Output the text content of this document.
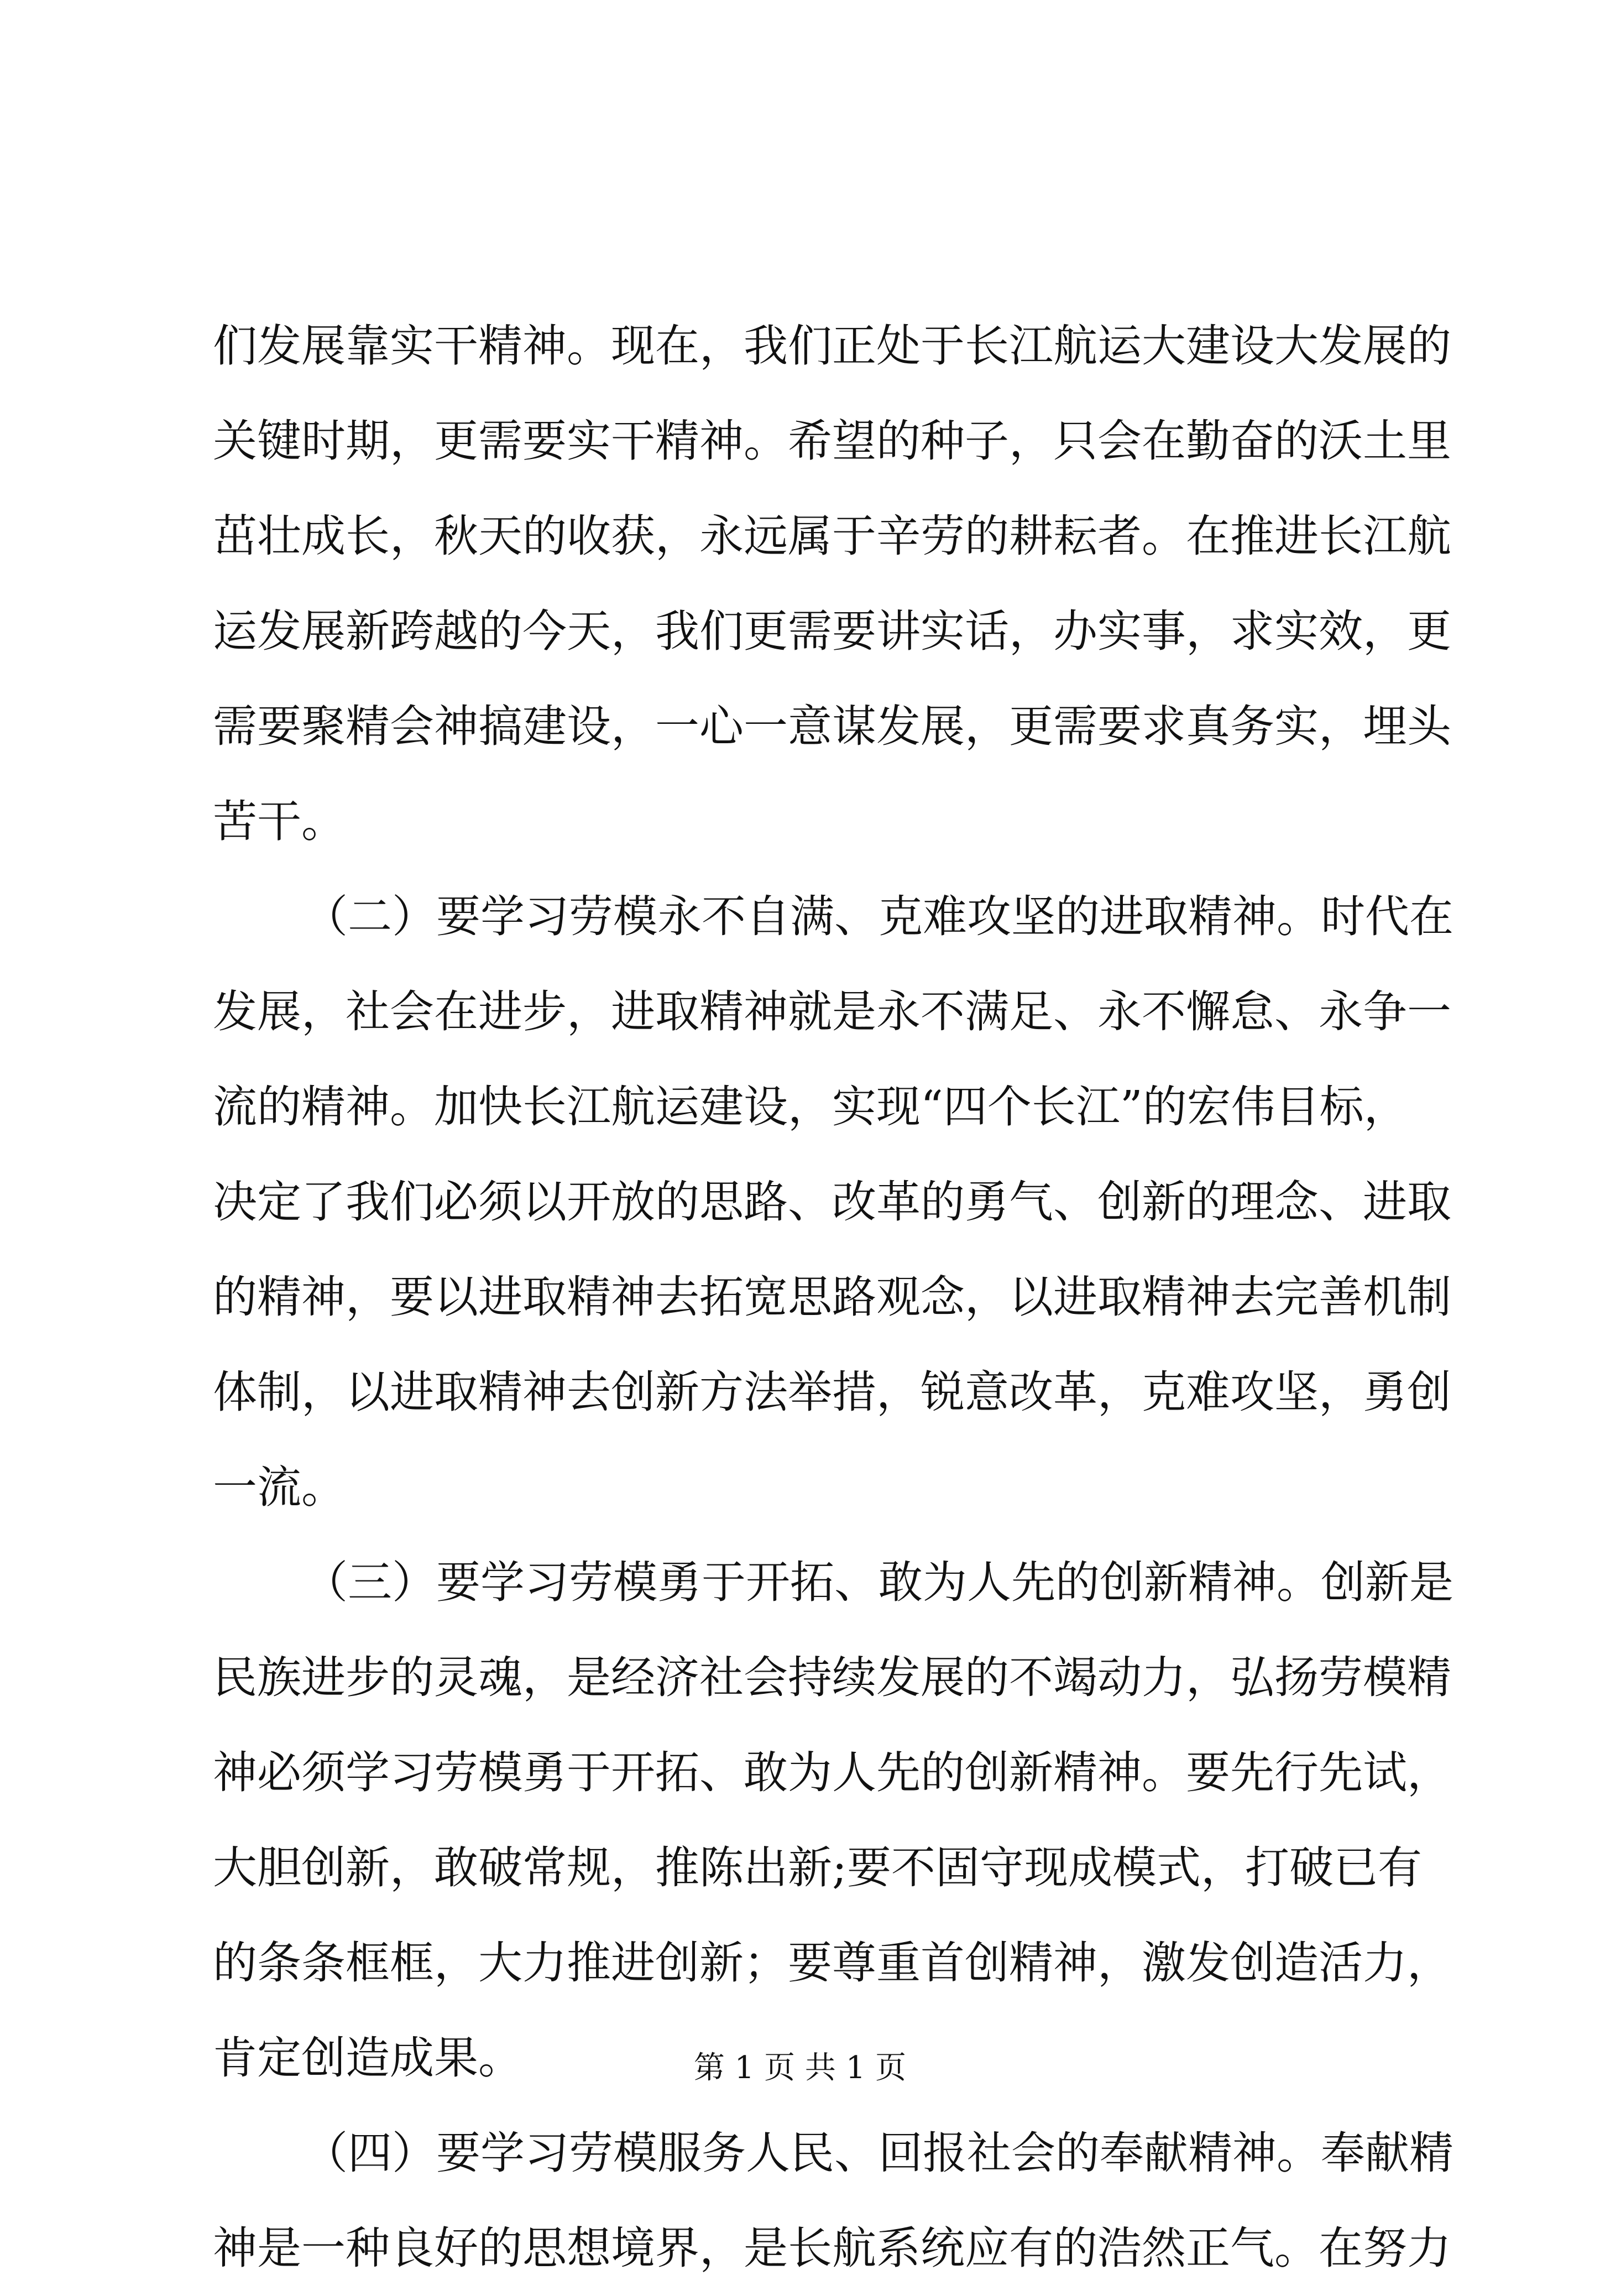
们发展靠实干精神。现在，我们正处于长江航运大建设大发展的
关键时期，更需要实干精神。希望的种子，只会在勤奋的沃土里
茁壮成长，秋天的收获，永远属于辛劳的耕耘者。在推进长江航
运发展新跨越的今天，我们更需要讲实话，办实事，求实效，更
需要聚精会神搞建设，一心一意谋发展，更需要求真务实，埋头
苦干。
（二）要学习劳模永不自满、克难攻坚的进取精神。时代在
发展，社会在进步，进取精神就是永不满足、永不懈怠、永争一
流的精神。加快长江航运建设，实现“四个长江”的宏伟目标，
决定了我们必须以开放的思路、改革的勇气、创新的理念、进取
的精神，要以进取精神去拓宽思路观念，以进取精神去完善机制
体制，以进取精神去创新方法举措，锐意改革，克难攻坚，勇创
一流。
（三）要学习劳模勇于开拓、敢为人先的创新精神。创新是
民族进步的灵魂，是经济社会持续发展的不竭动力，弘扬劳模精
神必须学习劳模勇于开拓、敢为人先的创新精神。要先行先试，
大胆创新，敢破常规，推陈出新;要不固守现成模式，打破已有
的条条框框，大力推进创新；要尊重首创精神，激发创造活力，
肯定创造成果。
（四）要学习劳模服务人民、回报社会的奉献精神。奉献精
神是一种良好的思想境界，是长航系统应有的浩然正气。在努力
第 1 页 共 1 页
